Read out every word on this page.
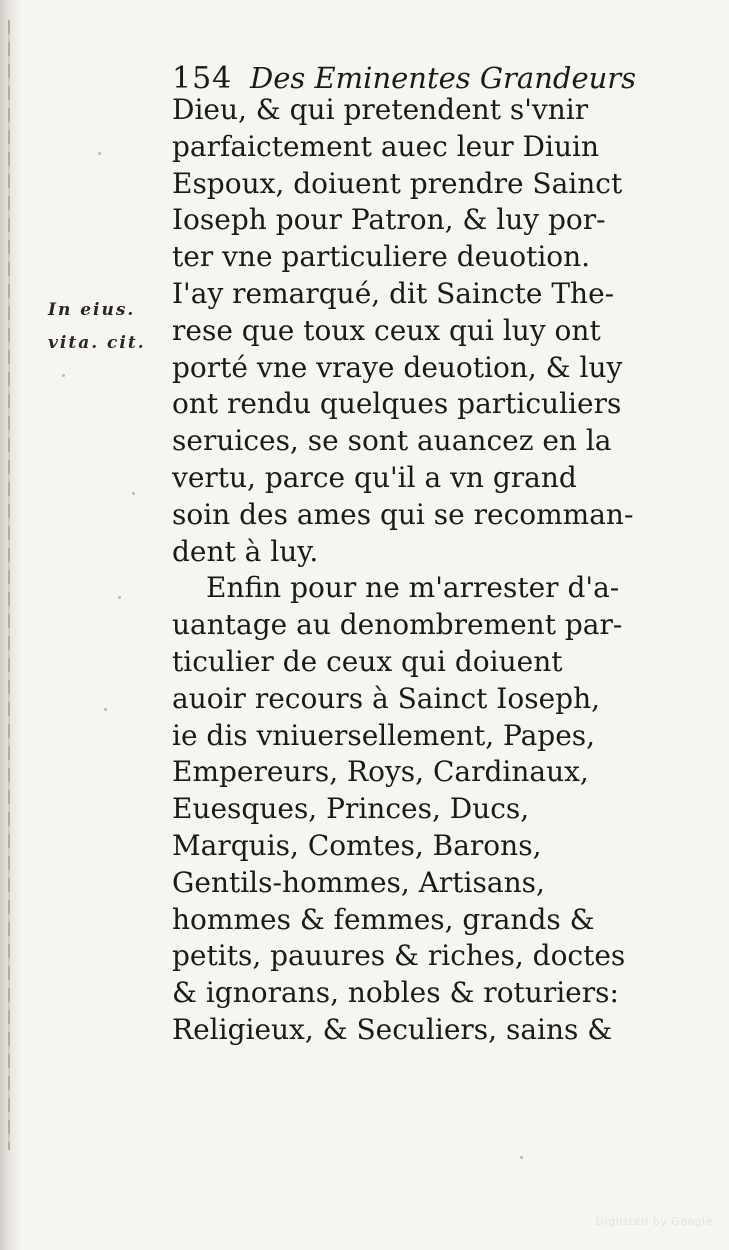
154 Des Eminentes Grandeurs
In eius.
vita. cit.
Dieu, & qui pretendent s'vnir
parfaictement auec leur Diuin
Espoux, doiuent prendre Sainct
Ioseph pour Patron, & luy por-
ter vne particuliere deuotion.
I'ay remarqué, dit Saincte The-
rese que toux ceux qui luy ont
porté vne vraye deuotion, & luy
ont rendu quelques particuliers
seruices, se sont auancez en la
vertu, parce qu'il a vn grand
soin des ames qui se recomman-
dent à luy.
Enfin pour ne m'arrester d'a-
uantage au denombrement par-
ticulier de ceux qui doiuent
auoir recours à Sainct Ioseph,
ie dis vniuersellement, Papes,
Empereurs, Roys, Cardinaux,
Euesques, Princes, Ducs,
Marquis, Comtes, Barons,
Gentils-hommes, Artisans,
hommes & femmes, grands &
petits, pauures & riches, doctes
& ignorans, nobles & roturiers:
Religieux, & Seculiers, sains &
Digitized by Google
